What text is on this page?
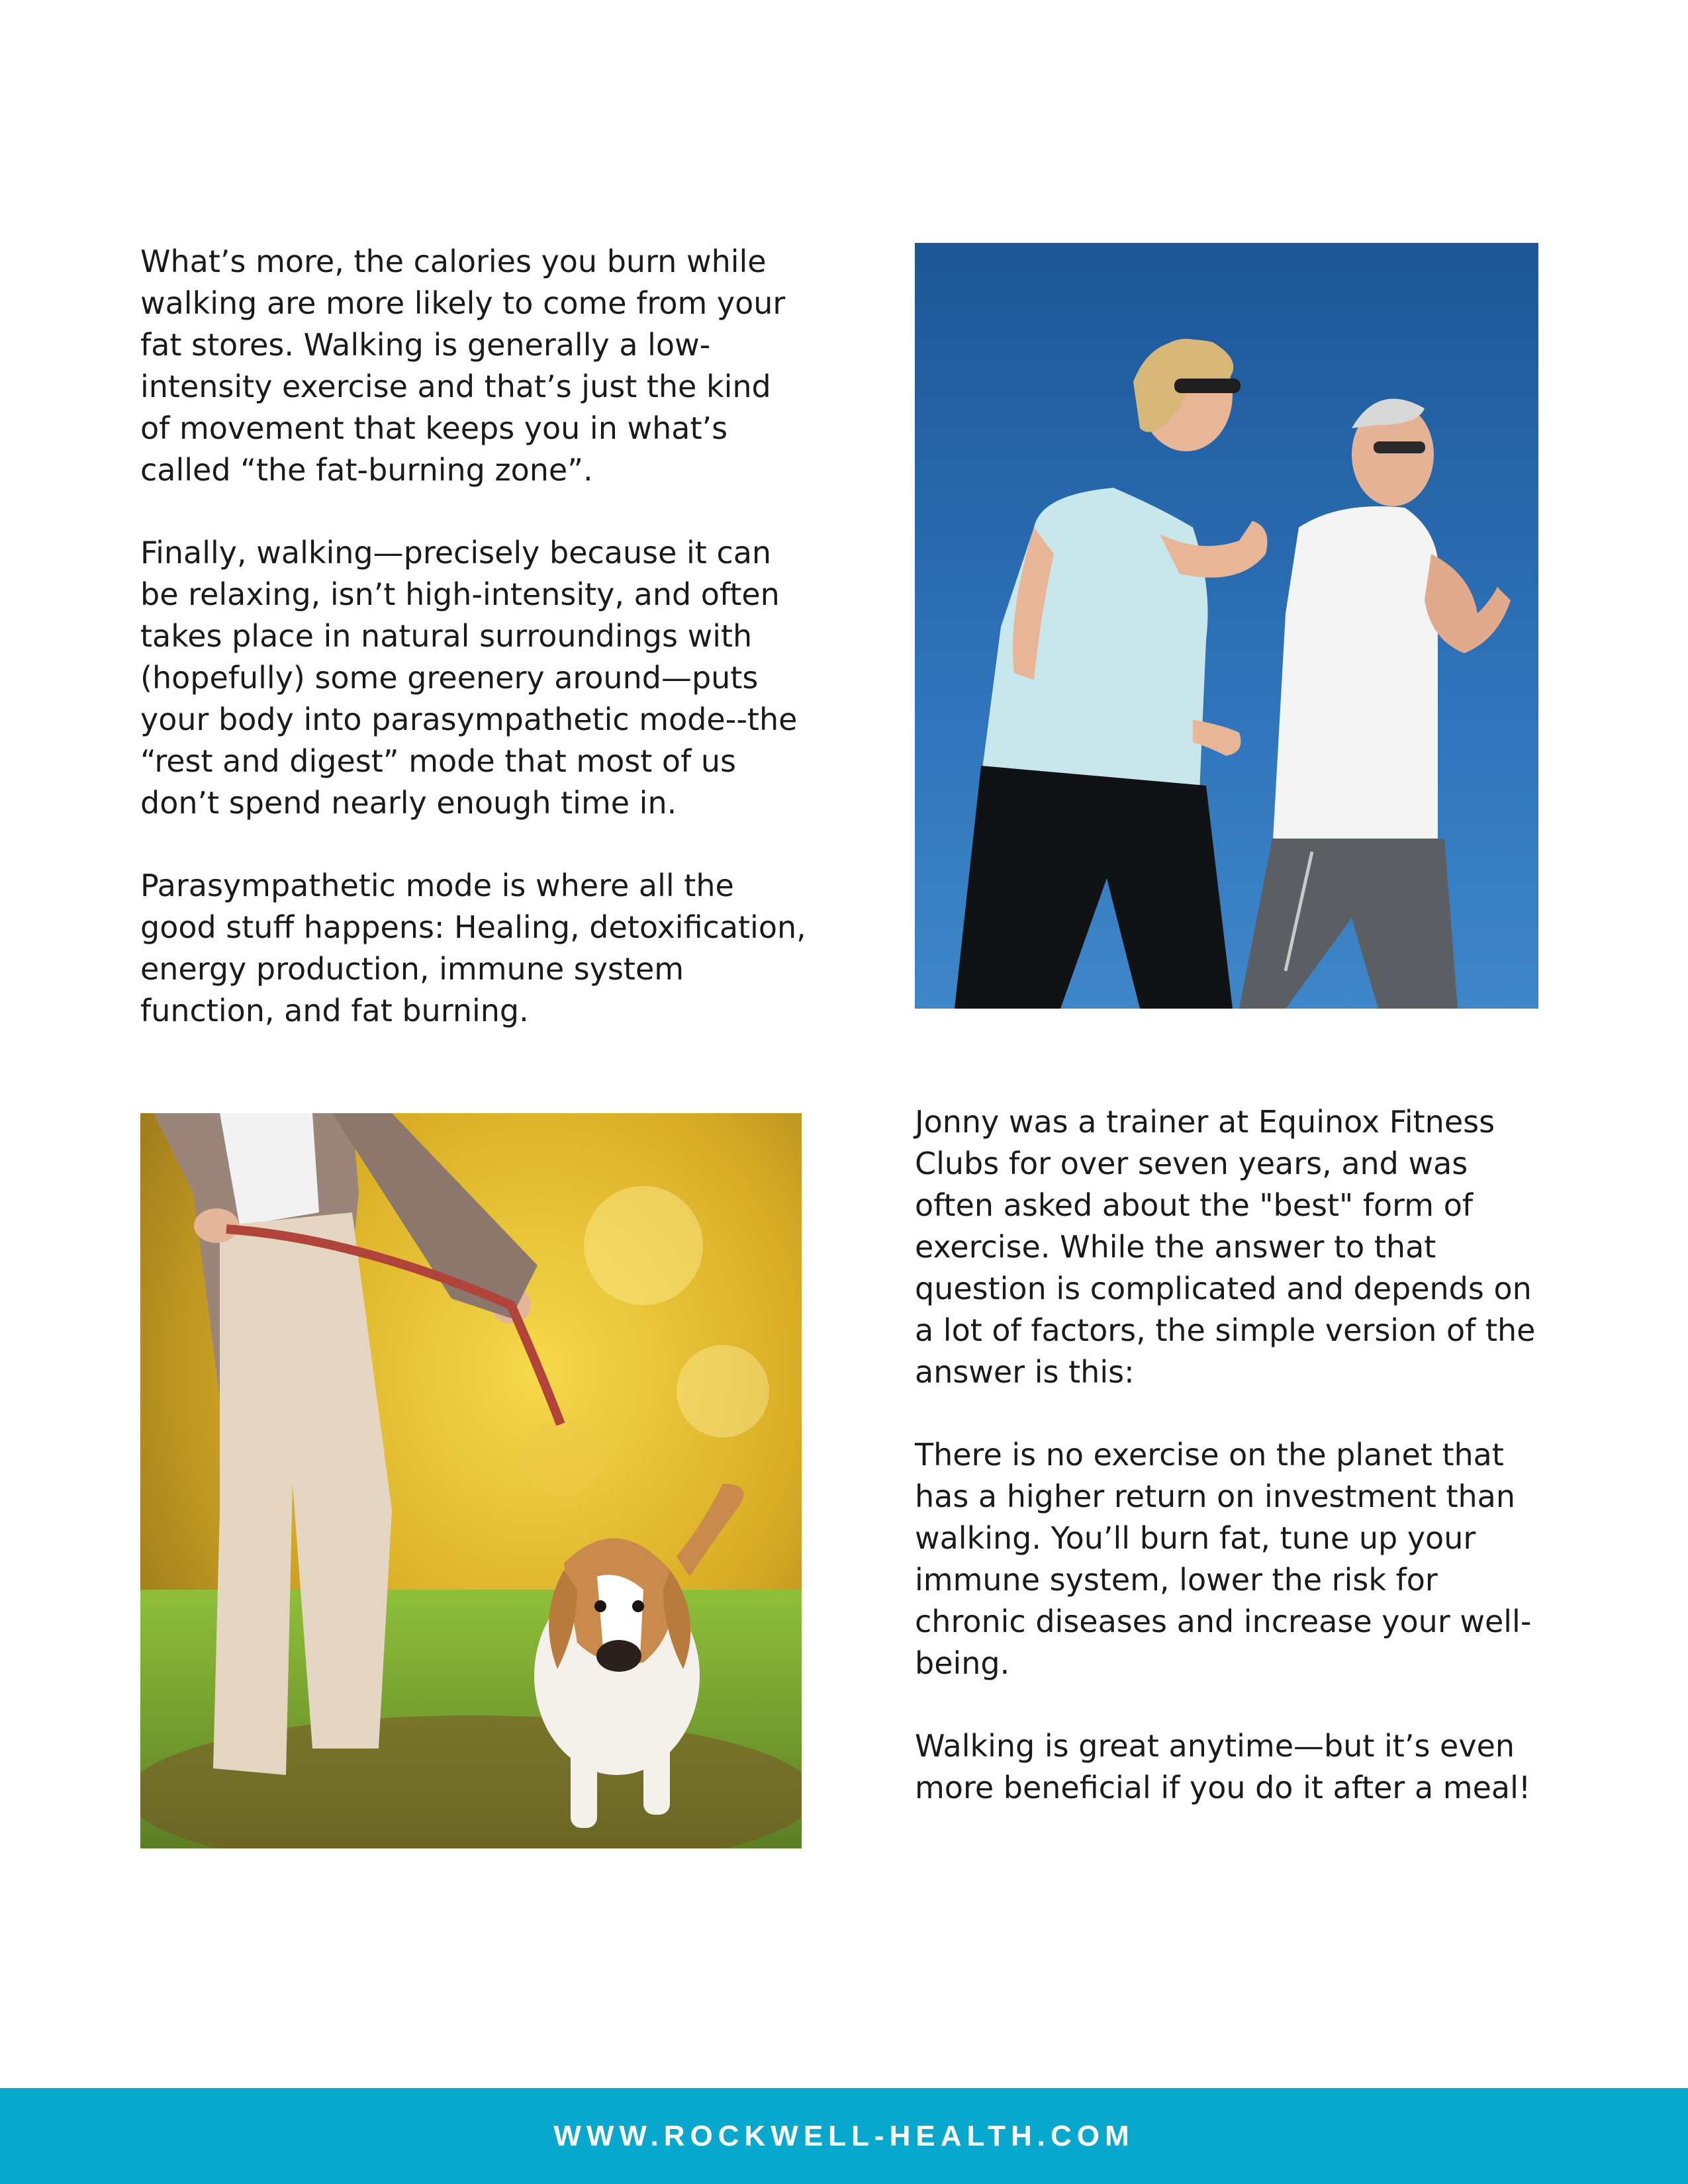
What’s more, the calories you burn while walking are more likely to come from your fat stores. Walking is generally a low-intensity exercise and that’s just the kind of movement that keeps you in what’s called “the fat-burning zone”.

Finally, walking—precisely because it can be relaxing, isn’t high-intensity, and often takes place in natural surroundings with (hopefully) some greenery around—puts your body into parasympathetic mode--the “rest and digest” mode that most of us don’t spend nearly enough time in.

Parasympathetic mode is where all the good stuff happens: Healing, detoxification, energy production, immune system function, and fat burning.

Jonny was a trainer at Equinox Fitness Clubs for over seven years, and was often asked about the "best" form of exercise. While the answer to that question is complicated and depends on a lot of factors, the simple version of the answer is this:

There is no exercise on the planet that has a higher return on investment than walking. You’ll burn fat, tune up your immune system, lower the risk for chronic diseases and increase your well-being.

Walking is great anytime—but it’s even more beneficial if you do it after a meal!

WWW.ROCKWELL-HEALTH.COM
